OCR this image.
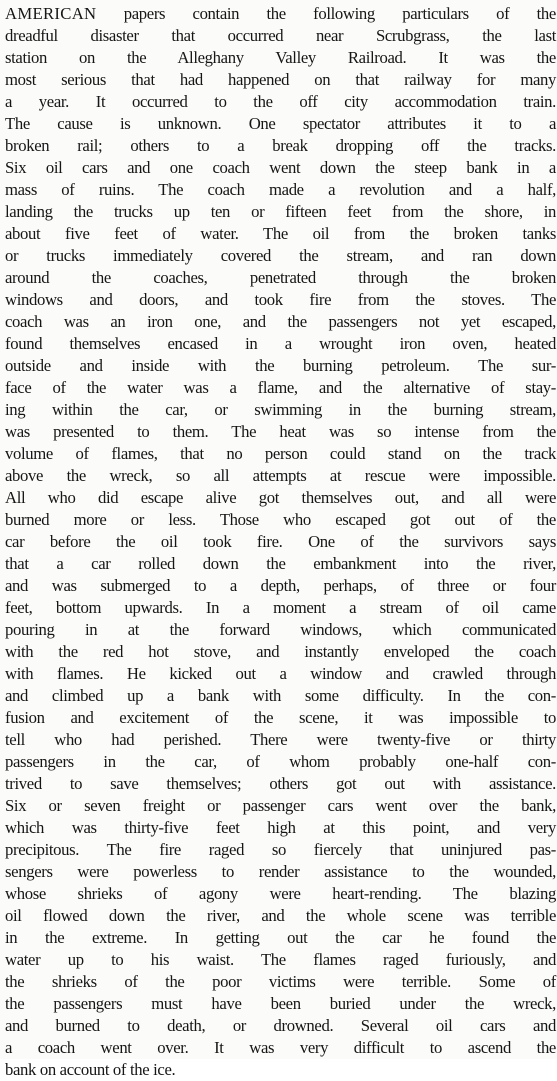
AMERICAN papers contain the following particulars of the
dreadful disaster that occurred near Scrubgrass, the last
station on the Alleghany Valley Railroad. It was the
most serious that had happened on that railway for many
a year. It occurred to the off city accommodation train.
The cause is unknown. One spectator attributes it to a
broken rail; others to a break dropping off the tracks.
Six oil cars and one coach went down the steep bank in a
mass of ruins. The coach made a revolution and a half,
landing the trucks up ten or fifteen feet from the shore, in
about five feet of water. The oil from the broken tanks
or trucks immediately covered the stream, and ran down
around the coaches, penetrated through the broken
windows and doors, and took fire from the stoves. The
coach was an iron one, and the passengers not yet escaped,
found themselves encased in a wrought iron oven, heated
outside and inside with the burning petroleum. The sur-
face of the water was a flame, and the alternative of stay-
ing within the car, or swimming in the burning stream,
was presented to them. The heat was so intense from the
volume of flames, that no person could stand on the track
above the wreck, so all attempts at rescue were impossible.
All who did escape alive got themselves out, and all were
burned more or less. Those who escaped got out of the
car before the oil took fire. One of the survivors says
that a car rolled down the embankment into the river,
and was submerged to a depth, perhaps, of three or four
feet, bottom upwards. In a moment a stream of oil came
pouring in at the forward windows, which communicated
with the red hot stove, and instantly enveloped the coach
with flames. He kicked out a window and crawled through
and climbed up a bank with some difficulty. In the con-
fusion and excitement of the scene, it was impossible to
tell who had perished. There were twenty-five or thirty
passengers in the car, of whom probably one-half con-
trived to save themselves; others got out with assistance.
Six or seven freight or passenger cars went over the bank,
which was thirty-five feet high at this point, and very
precipitous. The fire raged so fiercely that uninjured pas-
sengers were powerless to render assistance to the wounded,
whose shrieks of agony were heart-rending. The blazing
oil flowed down the river, and the whole scene was terrible
in the extreme. In getting out the car he found the
water up to his waist. The flames raged furiously, and
the shrieks of the poor victims were terrible. Some of
the passengers must have been buried under the wreck,
and burned to death, or drowned. Several oil cars and
a coach went over. It was very difficult to ascend the
bank on account of the ice.
